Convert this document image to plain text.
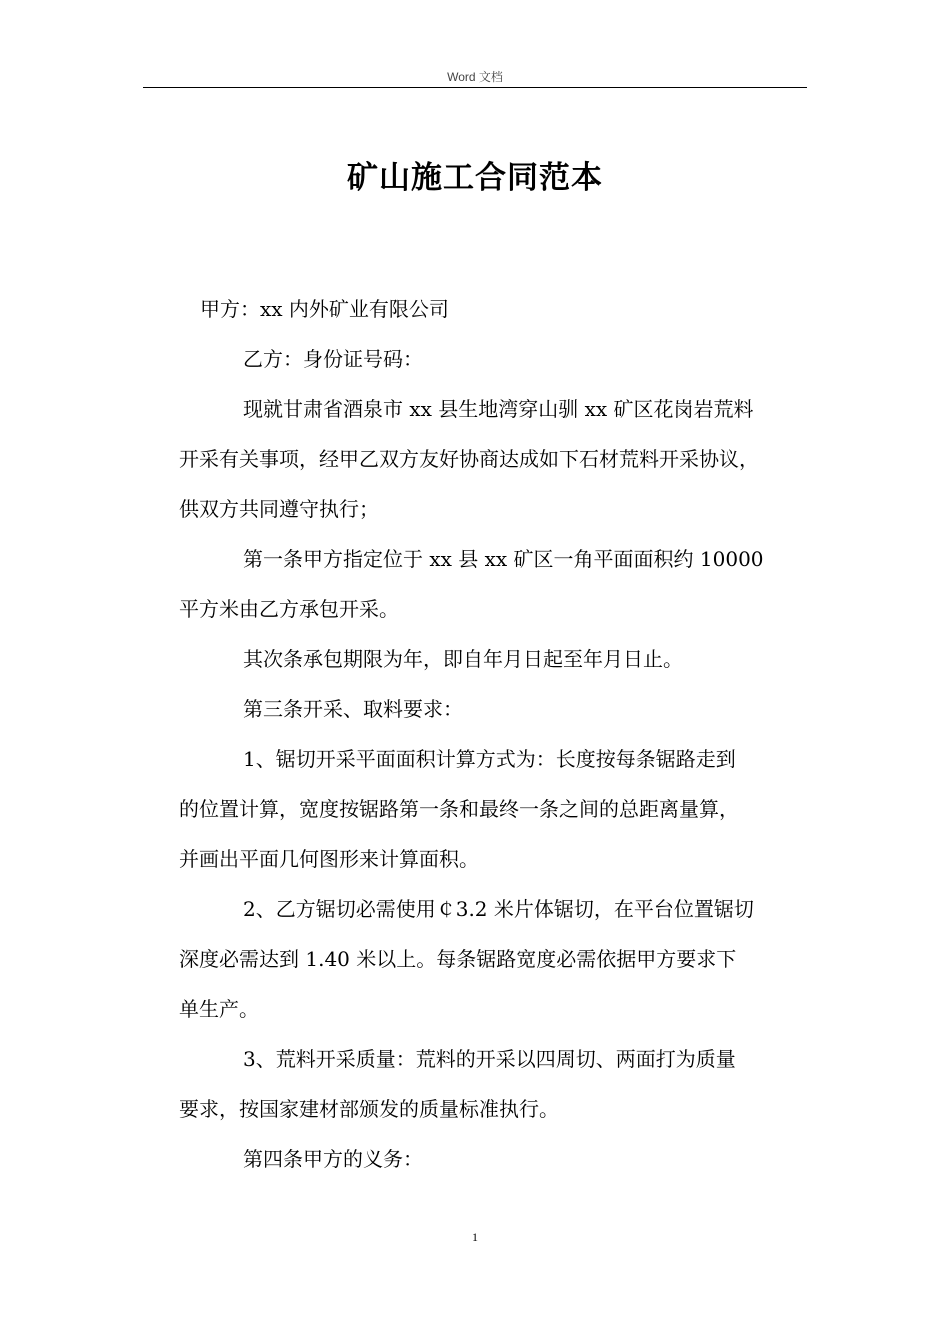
Word 文档
矿山施工合同范本
甲方：xx 内外矿业有限公司
乙方：身份证号码：
现就甘肃省酒泉市 xx 县生地湾穿山驯 xx 矿区花岗岩荒料
开采有关事项，经甲乙双方友好协商达成如下石材荒料开采协议，
供双方共同遵守执行；
第一条甲方指定位于 xx 县 xx 矿区一角平面面积约 10000
平方米由乙方承包开采。
其次条承包期限为年，即自年月日起至年月日止。
第三条开采、取料要求：
1、锯切开采平面面积计算方式为：长度按每条锯路走到
的位置计算，宽度按锯路第一条和最终一条之间的总距离量算，
并画出平面几何图形来计算面积。
2、乙方锯切必需使用￠3.2 米片体锯切，在平台位置锯切
深度必需达到 1.40 米以上。每条锯路宽度必需依据甲方要求下
单生产。
3、荒料开采质量：荒料的开采以四周切、两面打为质量
要求，按国家建材部颁发的质量标准执行。
第四条甲方的义务：
1
